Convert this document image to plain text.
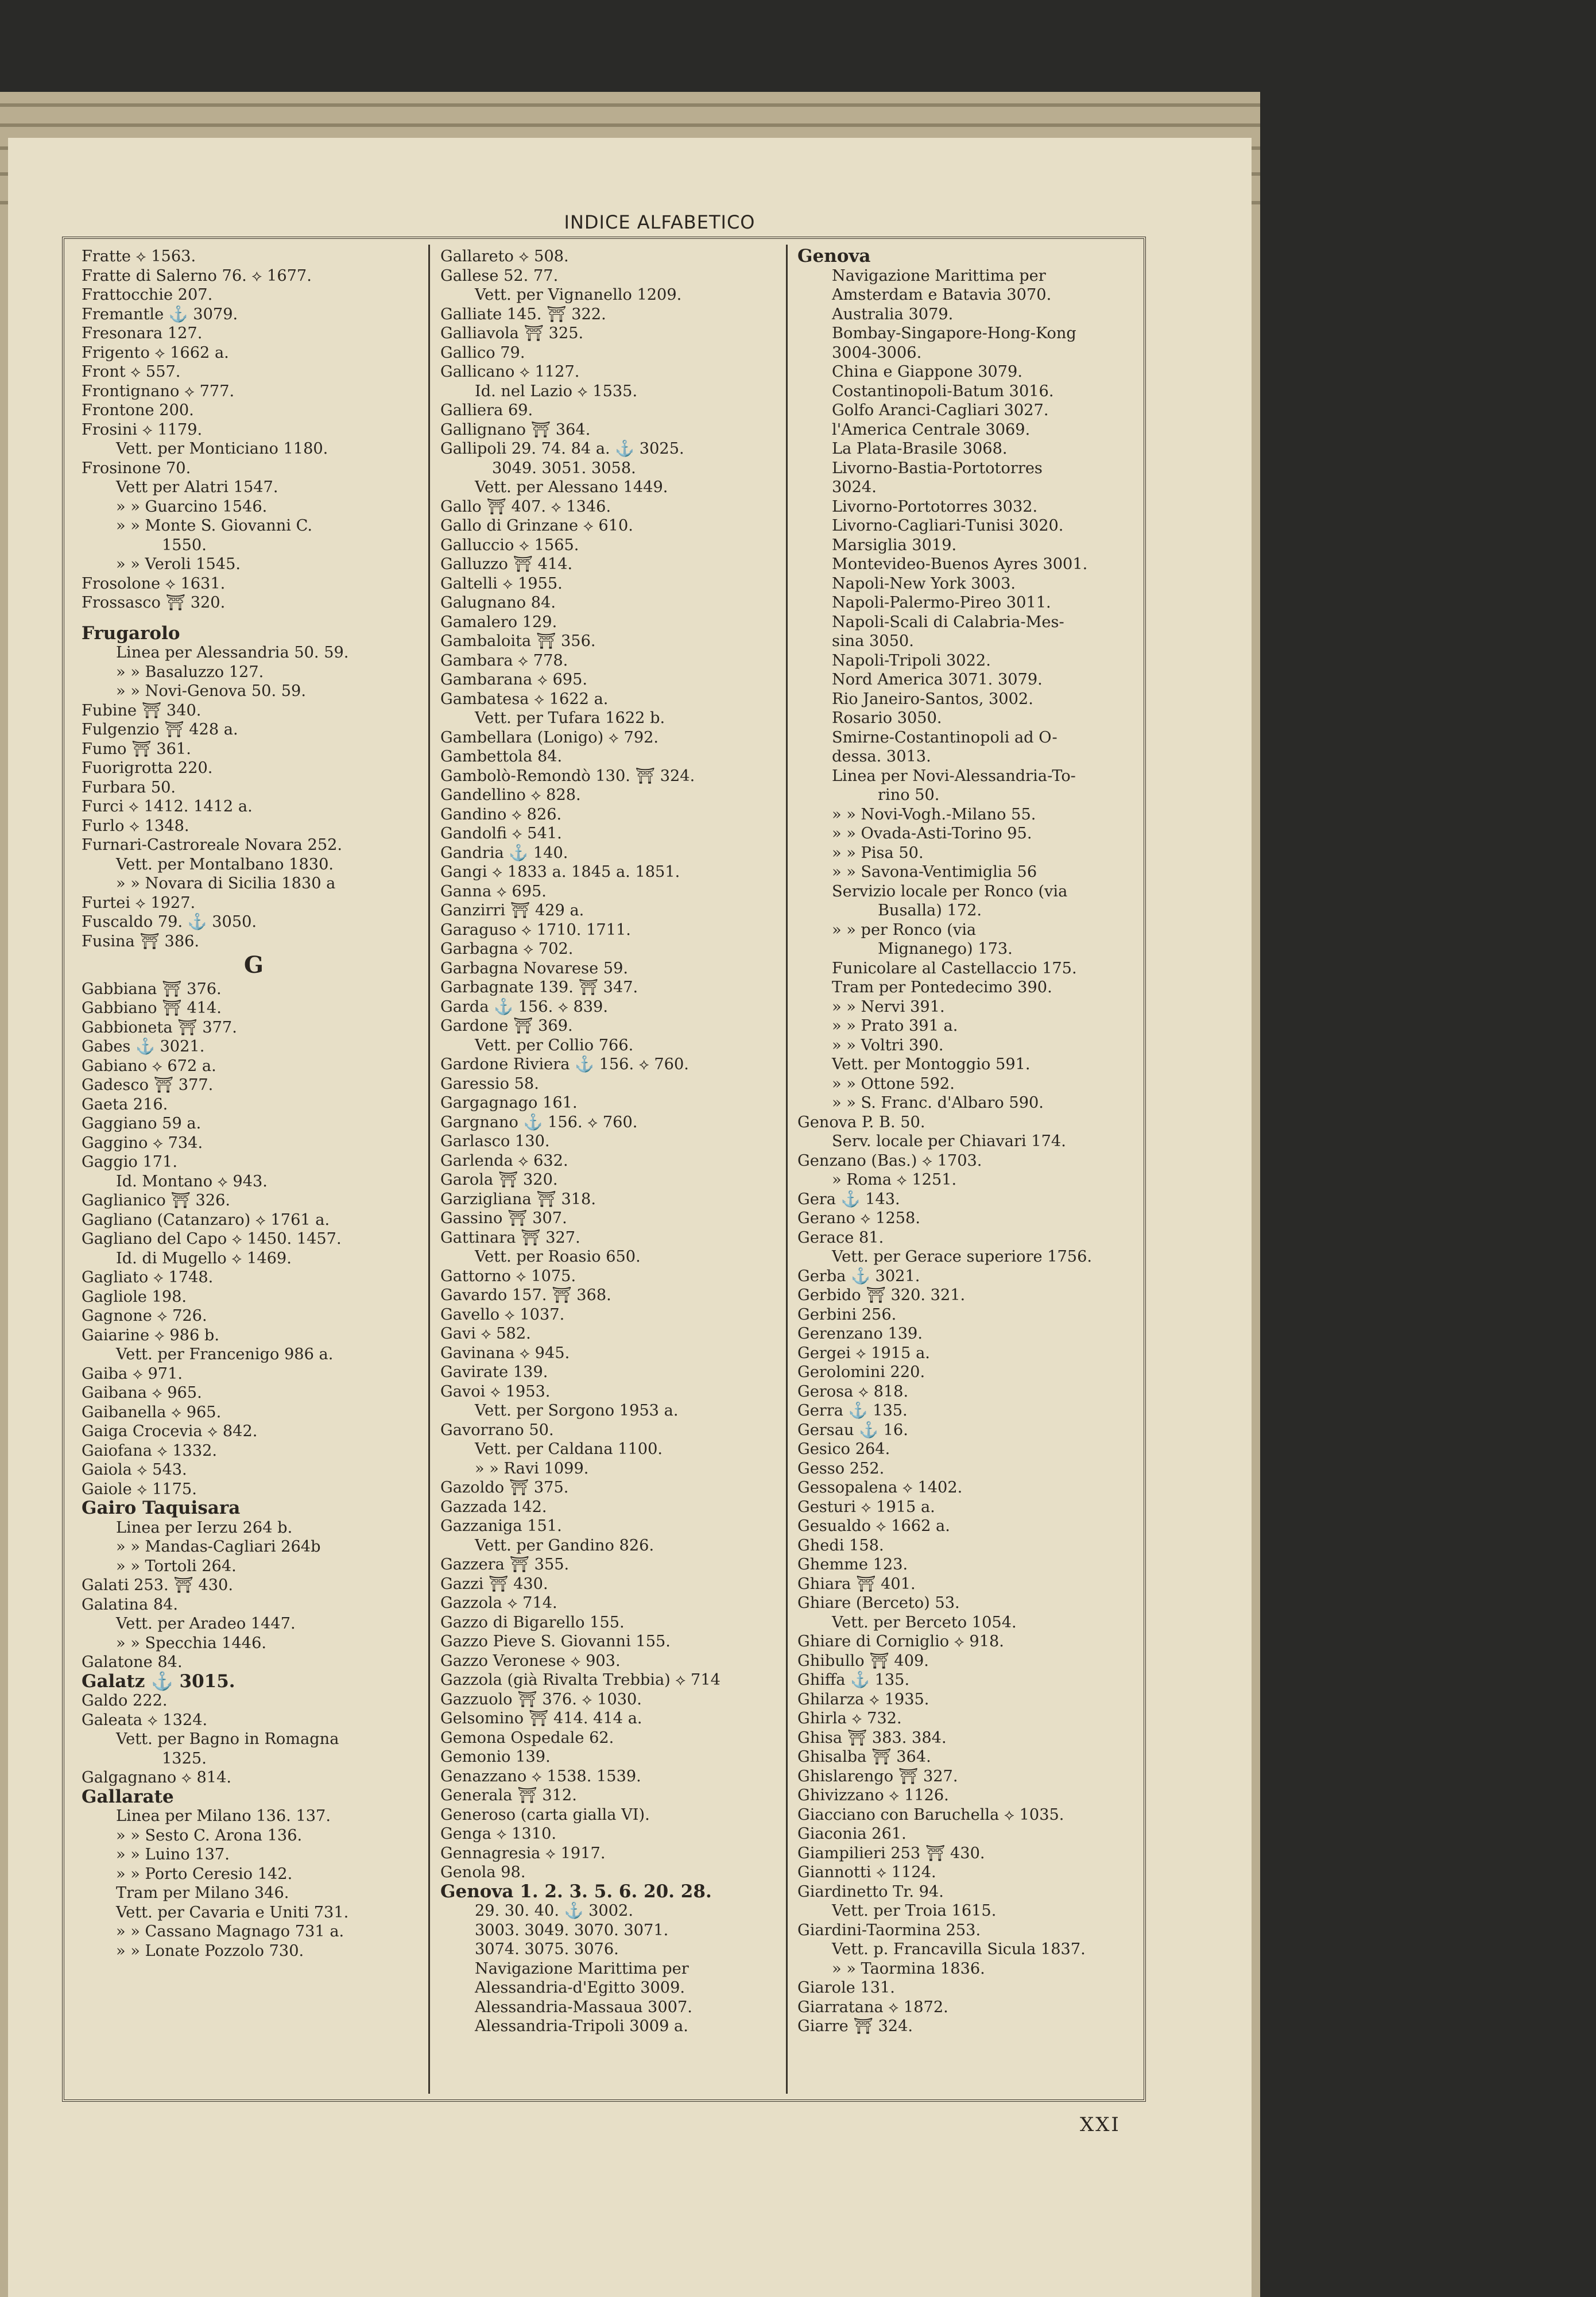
INDICE ALFABETICO
Fratte ⟡ 1563.
Fratte di Salerno 76. ⟡ 1677.
Frattocchie 207.
Fremantle ⚓ 3079.
Fresonara 127.
Frigento ⟡ 1662 a.
Front ⟡ 557.
Frontignano ⟡ 777.
Frontone 200.
Frosini ⟡ 1179.
Vett. per Monticiano 1180.
Frosinone 70.
Vett per Alatri 1547.
» » Guarcino 1546.
» » Monte S. Giovanni C.
1550.
» » Veroli 1545.
Frosolone ⟡ 1631.
Frossasco ⛩ 320.
Frugarolo
Linea per Alessandria 50. 59.
» » Basaluzzo 127.
» » Novi-Genova 50. 59.
Fubine ⛩ 340.
Fulgenzio ⛩ 428 a.
Fumo ⛩ 361.
Fuorigrotta 220.
Furbara 50.
Furci ⟡ 1412. 1412 a.
Furlo ⟡ 1348.
Furnari-Castroreale Novara 252.
Vett. per Montalbano 1830.
» » Novara di Sicilia 1830 a
Furtei ⟡ 1927.
Fuscaldo 79. ⚓ 3050.
Fusina ⛩ 386.
G
Gabbiana ⛩ 376.
Gabbiano ⛩ 414.
Gabbioneta ⛩ 377.
Gabes ⚓ 3021.
Gabiano ⟡ 672 a.
Gadesco ⛩ 377.
Gaeta 216.
Gaggiano 59 a.
Gaggino ⟡ 734.
Gaggio 171.
Id. Montano ⟡ 943.
Gaglianico ⛩ 326.
Gagliano (Catanzaro) ⟡ 1761 a.
Gagliano del Capo ⟡ 1450. 1457.
Id. di Mugello ⟡ 1469.
Gagliato ⟡ 1748.
Gagliole 198.
Gagnone ⟡ 726.
Gaiarine ⟡ 986 b.
Vett. per Francenigo 986 a.
Gaiba ⟡ 971.
Gaibana ⟡ 965.
Gaibanella ⟡ 965.
Gaiga Crocevia ⟡ 842.
Gaiofana ⟡ 1332.
Gaiola ⟡ 543.
Gaiole ⟡ 1175.
Gairo Taquisara
Linea per Ierzu 264 b.
» » Mandas-Cagliari 264b
» » Tortoli 264.
Galati 253. ⛩ 430.
Galatina 84.
Vett. per Aradeo 1447.
» » Specchia 1446.
Galatone 84.
Galatz ⚓ 3015.
Galdo 222.
Galeata ⟡ 1324.
Vett. per Bagno in Romagna
1325.
Galgagnano ⟡ 814.
Gallarate
Linea per Milano 136. 137.
» » Sesto C. Arona 136.
» » Luino 137.
» » Porto Ceresio 142.
Tram per Milano 346.
Vett. per Cavaria e Uniti 731.
» » Cassano Magnago 731 a.
» » Lonate Pozzolo 730.
Gallareto ⟡ 508.
Gallese 52. 77.
Vett. per Vignanello 1209.
Galliate 145. ⛩ 322.
Galliavola ⛩ 325.
Gallico 79.
Gallicano ⟡ 1127.
Id. nel Lazio ⟡ 1535.
Galliera 69.
Gallignano ⛩ 364.
Gallipoli 29. 74. 84 a. ⚓ 3025.
3049. 3051. 3058.
Vett. per Alessano 1449.
Gallo ⛩ 407. ⟡ 1346.
Gallo di Grinzane ⟡ 610.
Galluccio ⟡ 1565.
Galluzzo ⛩ 414.
Galtelli ⟡ 1955.
Galugnano 84.
Gamalero 129.
Gambaloita ⛩ 356.
Gambara ⟡ 778.
Gambarana ⟡ 695.
Gambatesa ⟡ 1622 a.
Vett. per Tufara 1622 b.
Gambellara (Lonigo) ⟡ 792.
Gambettola 84.
Gambolò-Remondò 130. ⛩ 324.
Gandellino ⟡ 828.
Gandino ⟡ 826.
Gandolfi ⟡ 541.
Gandria ⚓ 140.
Gangi ⟡ 1833 a. 1845 a. 1851.
Ganna ⟡ 695.
Ganzirri ⛩ 429 a.
Garaguso ⟡ 1710. 1711.
Garbagna ⟡ 702.
Garbagna Novarese 59.
Garbagnate 139. ⛩ 347.
Garda ⚓ 156. ⟡ 839.
Gardone ⛩ 369.
Vett. per Collio 766.
Gardone Riviera ⚓ 156. ⟡ 760.
Garessio 58.
Gargagnago 161.
Gargnano ⚓ 156. ⟡ 760.
Garlasco 130.
Garlenda ⟡ 632.
Garola ⛩ 320.
Garzigliana ⛩ 318.
Gassino ⛩ 307.
Gattinara ⛩ 327.
Vett. per Roasio 650.
Gattorno ⟡ 1075.
Gavardo 157. ⛩ 368.
Gavello ⟡ 1037.
Gavi ⟡ 582.
Gavinana ⟡ 945.
Gavirate 139.
Gavoi ⟡ 1953.
Vett. per Sorgono 1953 a.
Gavorrano 50.
Vett. per Caldana 1100.
» » Ravi 1099.
Gazoldo ⛩ 375.
Gazzada 142.
Gazzaniga 151.
Vett. per Gandino 826.
Gazzera ⛩ 355.
Gazzi ⛩ 430.
Gazzola ⟡ 714.
Gazzo di Bigarello 155.
Gazzo Pieve S. Giovanni 155.
Gazzo Veronese ⟡ 903.
Gazzola (già Rivalta Trebbia) ⟡ 714
Gazzuolo ⛩ 376. ⟡ 1030.
Gelsomino ⛩ 414. 414 a.
Gemona Ospedale 62.
Gemonio 139.
Genazzano ⟡ 1538. 1539.
Generala ⛩ 312.
Generoso (carta gialla VI).
Genga ⟡ 1310.
Gennagresia ⟡ 1917.
Genola 98.
Genova 1. 2. 3. 5. 6. 20. 28.
29. 30. 40. ⚓ 3002.
3003. 3049. 3070. 3071.
3074. 3075. 3076.
Navigazione Marittima per
Alessandria-d'Egitto 3009.
Alessandria-Massaua 3007.
Alessandria-Tripoli 3009 a.
Genova
Navigazione Marittima per
Amsterdam e Batavia 3070.
Australia 3079.
Bombay-Singapore-Hong-Kong
3004-3006.
China e Giappone 3079.
Costantinopoli-Batum 3016.
Golfo Aranci-Cagliari 3027.
l'America Centrale 3069.
La Plata-Brasile 3068.
Livorno-Bastia-Portotorres
3024.
Livorno-Portotorres 3032.
Livorno-Cagliari-Tunisi 3020.
Marsiglia 3019.
Montevideo-Buenos Ayres 3001.
Napoli-New York 3003.
Napoli-Palermo-Pireo 3011.
Napoli-Scali di Calabria-Mes-
sina 3050.
Napoli-Tripoli 3022.
Nord America 3071. 3079.
Rio Janeiro-Santos, 3002.
Rosario 3050.
Smirne-Costantinopoli ad O-
dessa. 3013.
Linea per Novi-Alessandria-To-
rino 50.
» » Novi-Vogh.-Milano 55.
» » Ovada-Asti-Torino 95.
» » Pisa 50.
» » Savona-Ventimiglia 56
Servizio locale per Ronco (via
Busalla) 172.
» » per Ronco (via
Mignanego) 173.
Funicolare al Castellaccio 175.
Tram per Pontedecimo 390.
» » Nervi 391.
» » Prato 391 a.
» » Voltri 390.
Vett. per Montoggio 591.
» » Ottone 592.
» » S. Franc. d'Albaro 590.
Genova P. B. 50.
Serv. locale per Chiavari 174.
Genzano (Bas.) ⟡ 1703.
» Roma ⟡ 1251.
Gera ⚓ 143.
Gerano ⟡ 1258.
Gerace 81.
Vett. per Gerace superiore 1756.
Gerba ⚓ 3021.
Gerbido ⛩ 320. 321.
Gerbini 256.
Gerenzano 139.
Gergei ⟡ 1915 a.
Gerolomini 220.
Gerosa ⟡ 818.
Gerra ⚓ 135.
Gersau ⚓ 16.
Gesico 264.
Gesso 252.
Gessopalena ⟡ 1402.
Gesturi ⟡ 1915 a.
Gesualdo ⟡ 1662 a.
Ghedi 158.
Ghemme 123.
Ghiara ⛩ 401.
Ghiare (Berceto) 53.
Vett. per Berceto 1054.
Ghiare di Corniglio ⟡ 918.
Ghibullo ⛩ 409.
Ghiffa ⚓ 135.
Ghilarza ⟡ 1935.
Ghirla ⟡ 732.
Ghisa ⛩ 383. 384.
Ghisalba ⛩ 364.
Ghislarengo ⛩ 327.
Ghivizzano ⟡ 1126.
Giacciano con Baruchella ⟡ 1035.
Giaconia 261.
Giampilieri 253 ⛩ 430.
Giannotti ⟡ 1124.
Giardinetto Tr. 94.
Vett. per Troia 1615.
Giardini-Taormina 253.
Vett. p. Francavilla Sicula 1837.
» » Taormina 1836.
Giarole 131.
Giarratana ⟡ 1872.
Giarre ⛩ 324.
XXI
